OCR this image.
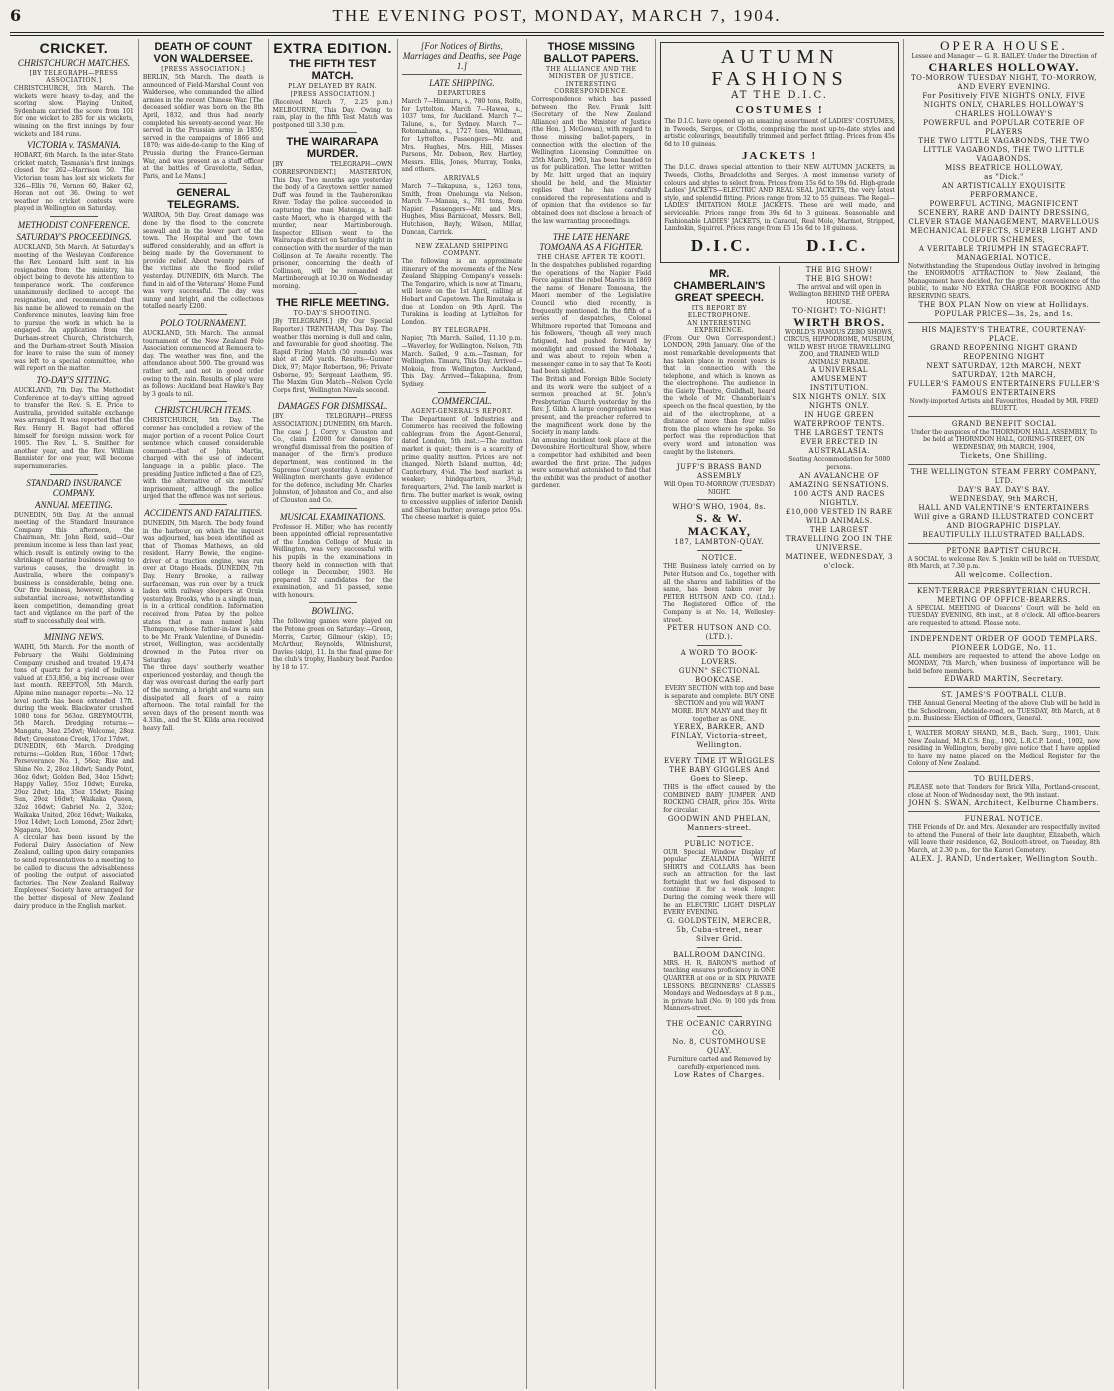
6	THE EVENING POST, MONDAY, MARCH 7, 1904.
CRICKET.
CHRISTCHURCH MATCHES.
[BY TELEGRAPH—PRESS ASSOCIATION.]

CHRISTCHURCH, 5th March. The wickets were heavy to-day, and the scoring slow. Playing United, Sydenham carried the score from 101 for one wicket to 285 for six wickets, winning on the first innings by four wickets and 184 runs.

VICTORIA v. TASMANIA.

HOBART, 6th March. In the inter-State cricket match, Tasmania's first innings closed for 262—Harrison 50. The Victorian team has lost six wickets for 326—Ellis 76, Vernon 60, Baker 62, Horan not out 36. Owing to wet weather no cricket contests were played in Wellington on Saturday.

METHODIST CONFERENCE.
SATURDAY'S PROCEEDINGS.

AUCKLAND, 5th March. At Saturday's meeting of the Wesleyan Conference the Rev. Leonard Isitt sent in his resignation from the ministry, his object being to devote his attention to temperance work. The conference unanimously declined to accept the resignation, and recommended that his name be allowed to remain on the Conference minutes, leaving him free to pursue the work in which he is engaged. An application from the Durham-street Church, Christchurch, and the Durham-street South Mission for leave to raise the sum of money was left to a special committee, who will report on the matter.

TO-DAY'S SITTING.

AUCKLAND, 7th Day. The Methodist Conference at to-day's sitting agreed to transfer the Rev. S. E. Price to Australia, provided suitable exchange was arranged. It was reported that the Rev. Henry H. Bagot had offered himself for foreign mission work for 1905. The Rev. L. S. Smither for another year, and the Rev. William Bannister for one year, will become supernumeraries.

STANDARD INSURANCE COMPANY.
ANNUAL MEETING.

DUNEDIN, 5th Day. At the annual meeting of the Standard Insurance Company this afternoon, the Chairman, Mr. John Reid, said—Our premium income is less than last year, which result is entirely owing to the shrinkage of marine business owing to various causes, the drought in Australia, where the company's business is considerable, being one. Our fire business, however, shows a substantial increase, notwithstanding keen competition, demanding great tact and vigilance on the part of the staff to successfully deal with.

MINING NEWS.

WAIHI, 5th March. For the month of February the Waihi Goldmining Company crushed and treated 19,474 tons of quartz for a yield of bullion valued at £53,856, a big increase over last month. REEFTON, 5th March. Alpine mine manager reports:—No. 12 level north has been extended 17ft. during the week. Blackwater crushed 1080 tons for 563oz. GREYMOUTH, 5th March. Dredging returns:—Mangatu, 34oz 25dwt; Welcome, 28oz 8dwt; Greenstone Creek, 17oz 17dwt.

DUNEDIN, 6th March. Dredging returns:—Golden Run, 160oz 17dwt; Perseverance No. 1, 56oz; Rise and Shine No. 2, 28oz 18dwt; Sandy Point, 36oz 6dwt; Golden Bed, 34oz 15dwt; Happy Valley, 55oz 10dwt; Eureka, 29oz 2dwt; Ida, 35oz 15dwt; Rising Sun, 29oz 16dwt; Waikaka Queen, 32oz 16dwt; Gabriel No. 2, 32oz; Waikaka United, 20oz 16dwt; Waikaka, 19oz 14dwt; Loch Lomond, 25oz 2dwt; Ngapara, 10oz.

A circular has been issued by the Federal Dairy Association of New Zealand, calling upon dairy companies to send representatives to a meeting to be called to discuss the advisableness of pooling the output of associated factories. The New Zealand Railway Employees' Society have arranged for the better disposal of New Zealand dairy produce in the English market.

DEATH OF COUNT VON WALDERSEE.
[PRESS ASSOCIATION.]

BERLIN, 5th March. The death is announced of Field-Marshal Count von Waldersee, who commanded the allied armies in the recent Chinese War. [The deceased soldier was born on the 8th April, 1832, and thus had nearly completed his seventy-second year. He served in the Prussian army in 1850; served in the campaigns of 1866 and 1870; was aide-de-camp to the King of Prussia during the Franco-German War, and was present as a staff officer at the battles of Gravelotte, Sedan, Paris, and Le Mans.]

GENERAL TELEGRAMS.

WAIROA, 5th Day. Great damage was done by the flood to the concrete seawall and in the lower part of the town. The Hospital and the town suffered considerably, and an effort is being made by the Government to provide relief. About twenty pairs of the victims ate the flood relief yesterday. DUNEDIN, 6th March. The fund in aid of the Veterans' Home Fund was very successful. The day was sunny and bright, and the collections totalled nearly £200.

POLO TOURNAMENT.

AUCKLAND, 5th March. The annual tournament of the New Zealand Polo Association commenced at Remuera to-day. The weather was fine, and the attendance about 500. The ground was rather soft, and not in good order owing to the rain. Results of play were as follows: Auckland beat Hawke's Bay by 3 goals to nil.

CHRISTCHURCH ITEMS.

CHRISTCHURCH, 5th Day. The coroner has concluded a review of the major portion of a recent Police Court sentence which caused considerable comment—that of John Martin, charged with the use of indecent language in a public place. The presiding Justice inflicted a fine of £25, with the alternative of six months' imprisonment, although the police urged that the offence was not serious.

ACCIDENTS AND FATALITIES.

DUNEDIN, 5th March. The body found in the harbour, on which the inquest was adjourned, has been identified as that of Thomas Mathews, an old resident. Harry Bowie, the engine-driver of a traction engine, was run over at Otago Heads. DUNEDIN, 7th Day. Henry Brooke, a railway surfaceman, was run over by a truck laden with railway sleepers at Oruia yesterday. Brooks, who is a single man, is in a critical condition. Information received from Patea by the police states that a man named John Thompson, whose father-in-law is said to be Mr. Frank Valentine, of Dunedin-street, Wellington, was accidentally drowned in the Patea river on Saturday.

The three days' southerly weather experienced yesterday, and though the day was overcast during the early part of the morning, a bright and warm sun dissipated all fears of a rainy afternoon. The total rainfall for the seven days of the present month was 4.33in., and the St. Kilda area received heavy fall.

EXTRA EDITION.
THE FIFTH TEST MATCH.
PLAY DELAYED BY RAIN.
[PRESS ASSOCIATION.]

(Received March 7, 2.25 p.m.) MELBOURNE, This Day. Owing to rain, play in the fifth Test Match was postponed till 3.30 p.m.

THE WAIRARAPA MURDER.

[BY TELEGRAPH—OWN CORRESPONDENT.] MASTERTON, This Day. Two months ago yesterday the body of a Greytown settler named Duff was found in the Tauherenikau River. Today the police succeeded in capturing the man Matenga, a half-caste Maori, who is charged with the murder, near Martinborough. Inspector Ellison went to the Wairarapa district on Saturday night in connection with the murder of the man Collinson at Te Awaite recently. The prisoner, concerning the death of Collinson, will be remanded at Martinborough at 10.30 on Wednesday morning.

THE RIFLE MEETING.
TO-DAY'S SHOOTING.

[By TELEGRAPH.] (By Our Special Reporter.) TRENTHAM, This Day. The weather this morning is dull and calm, and favourable for good shooting. The Rapid Firing Match (50 rounds) was shot at 200 yards. Results—Gunner Dick, 97; Major Robertson, 96; Private Osborne, 95; Sergeant Leathem, 95. The Maxim Gun Match—Nelson Cycle Corps first, Wellington Navals second.

DAMAGES FOR DISMISSAL.

[BY TELEGRAPH—PRESS ASSOCIATION.] DUNEDIN, 6th March. The case J. J. Corry v. Clouston and Co., claim £2000 for damages for wrongful dismissal from the position of manager of the firm's produce department, was continued in the Supreme Court yesterday. A number of Wellington merchants gave evidence for the defence, including Mr. Charles Johnston, of Johnston and Co., and also of Clouston and Co.

MUSICAL EXAMINATIONS.

Professor H. Miller, who has recently been appointed official representative of the London College of Music in Wellington, was very successful with his pupils in the examinations in theory held in connection with that college in December, 1903. He prepared 52 candidates for the examination, and 51 passed, some with honours.

BOWLING.

The following games were played on the Petone green on Saturday:—Green, Morris, Carter, Gilmour (skip), 15; McArthur, Reynolds, Wilmshurst, Davies (skip), 11. In the final game for the club's trophy, Hanbury beat Pardoe by 18 to 17.

[For Notices of Births, Marriages and Deaths, see Page 1.]
LATE SHIPPING.
DEPARTURES

March 7—Himauru, s., 780 tons, Rolfe, for Lyttelton. March 7—Hawea, s., 1037 tons, for Auckland. March 7—Talune, s., for Sydney. March 7—Rotomahana, s., 1727 tons, Wildman, for Lyttelton. Passengers—Mr. and Mrs. Hughes, Mrs. Hill, Misses Parsons, Mr. Dobson, Rev. Hartley, Messrs. Ellis, Jones, Murray, Tonks, and others.

ARRIVALS

March 7—Takapuna, s., 1263 tons, Smith, from Onehunga via Nelson. March 7—Manaia, s., 781 tons, from Napier. Passengers—Mr. and Mrs. Hughes, Miss Barnicoat, Messrs. Bell, Hutchison, Bayly, Wilson, Millar, Duncan, Carrick.

NEW ZEALAND SHIPPING COMPANY.

The following is an approximate itinerary of the movements of the New Zealand Shipping Company's vessels: The Tongariro, which is now at Timaru, will leave on the 1st April, calling at Hobart and Capetown. The Rimutaka is due at London on 9th April. The Turakina is loading at Lyttelton for London.

BY TELEGRAPH.

Napier, 7th March. Sailed, 11.10 p.m.—Waverley, for Wellington. Nelson, 7th March. Sailed, 9 a.m.—Tasman, for Wellington. Timaru, This Day. Arrived—Mokoia, from Wellington. Auckland, This Day. Arrived—Takapuna, from Sydney.

COMMERCIAL.
AGENT-GENERAL'S REPORT.

The Department of Industries and Commerce has received the following cablegram from the Agent-General, dated London, 5th inst.:—The mutton market is quiet; there is a scarcity of prime quality mutton. Prices are not changed. North Island mutton, 4d; Canterbury, 4¼d. The beef market is weaker; hindquarters, 3¾d; forequarters, 2¾d. The lamb market is firm. The butter market is weak, owing to excessive supplies of inferior Danish and Siberian butter; average price 95s. The cheese market is quiet.

THOSE MISSING BALLOT PAPERS.
THE ALLIANCE AND THE MINISTER OF JUSTICE.
INTERESTING CORRESPONDENCE.

Correspondence which has passed between the Rev. Frank Isitt (Secretary of the New Zealand Alliance) and the Minister of Justice (the Hon. J. McGowan), with regard to those missing ballot-papers, in connection with the election of the Wellington Licensing Committee on 25th March, 1903, has been handed to us for publication. The letter written by Mr. Isitt urged that an inquiry should be held, and the Minister replies that he has carefully considered the representations and is of opinion that the evidence so far obtained does not disclose a breach of the law warranting proceedings.

THE LATE HENARE TOMOANA AS A FIGHTER.
THE CHASE AFTER TE KOOTI.

In the despatches published regarding the operations of the Napier Field Force against the rebel Maoris in 1869 the name of Henare Tomoana, the Maori member of the Legislative Council who died recently, is frequently mentioned. In the fifth of a series of despatches, Colonel Whitmore reported that Tomoana and his followers, 'though all very much fatigued, had pushed forward by moonlight and crossed the Mohaka,' and was about to rejoin when a messenger came in to say that Te Kooti had been sighted.

The British and Foreign Bible Society and its work were the subject of a sermon preached at St. John's Presbyterian Church yesterday by the Rev. J. Gibb. A large congregation was present, and the preacher referred to the magnificent work done by the Society in many lands.

An amusing incident took place at the Devonshire Horticultural Show, where a competitor had exhibited and been awarded the first prize. The judges were somewhat astonished to find that the exhibit was the product of another gardener.

AUTUMN FASHIONS
AT THE D.I.C.
COSTUMES !

The D.I.C. have opened up an amazing assortment of LADIES' COSTUMES, in Tweeds, Serges, or Cloths, comprising the most up-to-date styles and artistic colourings, beautifully trimmed and perfect fitting. Prices from 45s 6d to 10 guineas.

JACKETS !

The D.I.C. draws special attention to their NEW AUTUMN JACKETS, in Tweeds, Cloths, Broadcloths and Serges. A most immense variety of colours and styles to select from. Prices from 15s 6d to 59s 6d. High-grade Ladies' JACKETS—ELECTRIC AND REAL SEAL JACKETS, the very latest style, and splendid fitting. Prices range from 32 to 55 guineas. The Regal—LADIES' IMITATION MOLE JACKETS. These are well made, and serviceable. Prices range from 39s 6d to 3 guineas. Seasonable and Fashionable LADIES' JACKETS, in Caracul, Real Mole, Marmot, Stripped, Lambskin, Squirrel. Prices range from £5 15s 6d to 18 guineas.

D.I.C.	D.I.C.
MR. CHAMBERLAIN'S GREAT SPEECH.
ITS REPORT BY ELECTROPHONE.
AN INTERESTING EXPERIENCE.

(From Our Own Correspondent.) LONDON, 29th January. One of the most remarkable developments that has taken place in recent years is that in connection with the telephone, and which is known as the electrophone. The audience in the Gaiety Theatre, Guildhall, heard the whole of Mr. Chamberlain's speech on the fiscal question, by the aid of the electrophone, at a distance of more than four miles from the place where he spoke. So perfect was the reproduction that every word and intonation was caught by the listeners.

JUFF'S BRASS BAND ASSEMBLY

Will Open TO-MORROW (TUESDAY) NIGHT.

WHO'S WHO, 1904, 8s.
S. & W. MACKAY,
187, LAMBTON-QUAY.
NOTICE.

THE Business lately carried on by Peter Hutson and Co., together with all the shares and liabilities of the same, has been taken over by PETER HUTSON AND CO. (Ltd.). The Registered Office of the Company is at No. 14, Wellesley-street.

PETER HUTSON AND CO. (LTD.).
A WORD TO BOOK-LOVERS.
GUNN" SECTIONAL BOOKCASE.

EVERY SECTION with top and base is separate and complete. BUY ONE SECTION and you will WANT MORE. BUY MANY and they fit together as ONE.

YEREX, BARKER, AND FINLAY, Victoria-street, Wellington.
EVERY TIME IT WRIGGLES THE BABY GIGGLES And Goes to Sleep.

THIS is the effect caused by the COMBINED BABY JUMPER AND ROCKING CHAIR, price 35s. Write for circular.

GOODWIN AND PHELAN, Manners-street.
PUBLIC NOTICE.

OUR Special Window Display of popular ZEALANDIA WHITE SHIRTS and COLLARS has been such an attraction for the last fortnight that we feel disposed to continue it for a week longer. During the coming week there will be an ELECTRIC LIGHT DISPLAY EVERY EVENING.

G. GOLDSTEIN, MERCER, 5b, Cuba-street, near Silver Grid.
BALLROOM DANCING.

MRS. H. R. BARON'S method of teaching ensures proficiency in ONE QUARTER at one or in SIX PRIVATE LESSONS. BEGINNERS' CLASSES Mondays and Wednesdays at 8 p.m., in private hall (No. 9) 100 yds from Manners-street.

THE OCEANIC CARRYING CO.
No. 8, CUSTOMHOUSE QUAY.

Furniture carted and Removed by carefully-experienced men.

Low Rates of Charges.
THE BIG SHOW!
THE BIG SHOW!

The arrival and will open in Wellington BEHIND THE OPERA HOUSE.

TO-NIGHT! TO-NIGHT!
WIRTH BROS.

WORLD'S FAMOUS ZERO SHOWS, CIRCUS, HIPPODROME, MUSEUM, WILD WEST HUGE TRAVELLING ZOO, and TRAINED WILD ANIMALS' PARADE.

A UNIVERSAL AMUSEMENT INSTITUTION.
SIX NIGHTS ONLY. SIX NIGHTS ONLY.
IN HUGE GREEN WATERPROOF TENTS.
THE LARGEST TENTS EVER ERECTED IN AUSTRALASIA.

Seating Accommodation for 5000 persons.

AN AVALANCHE OF AMAZING SENSATIONS.
100 ACTS AND RACES NIGHTLY.
£10,000 VESTED IN RARE WILD ANIMALS.
THE LARGEST TRAVELLING ZOO IN THE UNIVERSE.
MATINEE, WEDNESDAY, 3 o'clock.
OPERA HOUSE.

Lessee and Manager — G. R. BAILEY. Under the Direction of

CHARLES HOLLOWAY.
TO-MORROW TUESDAY NIGHT, TO-MORROW, AND EVERY EVENING.
For Positively FIVE NIGHTS ONLY, FIVE NIGHTS ONLY, CHARLES HOLLOWAY'S CHARLES HOLLOWAY'S
POWERFUL and POPULAR COTERIE OF PLAYERS
THE TWO LITTLE VAGABONDS, THE TWO LITTLE VAGABONDS, THE TWO LITTLE VAGABONDS.
MISS BEATRICE HOLLOWAY,
as "Dick."
AN ARTISTICALLY EXQUISITE PERFORMANCE.
POWERFUL ACTING, MAGNIFICENT SCENERY, RARE AND DAINTY DRESSING, CLEVER STAGE MANAGEMENT, MARVELLOUS MECHANICAL EFFECTS, SUPERB LIGHT AND COLOUR SCHEMES,
A VERITABLE TRIUMPH IN STAGECRAFT.
MANAGERIAL NOTICE.

Notwithstanding the Stupendous Outlay involved in bringing the ENORMOUS ATTRACTION to New Zealand, the Management have decided, for the greater convenience of the public, to make NO EXTRA CHARGE FOR BOOKING AND RESERVING SEATS.

THE BOX PLAN Now on view at Hollidays.
POPULAR PRICES—3s, 2s, and 1s.
HIS MAJESTY'S THEATRE, COURTENAY-PLACE.
GRAND REOPENING NIGHT GRAND REOPENING NIGHT
NEXT SATURDAY, 12th MARCH, NEXT SATURDAY, 12th MARCH,
FULLER'S FAMOUS ENTERTAINERS FULLER'S FAMOUS ENTERTAINERS

Newly-imported Artists and Favourites, Headed by MR. FRED BLUETT.

GRAND BENEFIT SOCIAL

Under the auspices of the THORNDON HALL ASSEMBLY, To be held at THORNDON HALL, GORING-STREET, ON WEDNESDAY, 9th MARCH, 1904,

Tickets, One Shilling.
THE WELLINGTON STEAM FERRY COMPANY, LTD.
DAY'S BAY. DAY'S BAY.
WEDNESDAY, 9th MARCH,
HALL AND VALENTINE'S ENTERTAINERS
Will give a GRAND ILLUSTRATED CONCERT
AND BIOGRAPHIC DISPLAY.
BEAUTIFULLY ILLUSTRATED BALLADS.
PETONE BAPTIST CHURCH.

A SOCIAL to welcome Rev. S. Jenkin will be held on TUESDAY, 8th March, at 7.30 p.m.

All welcome. Collection.
KENT-TERRACE PRESBYTERIAN CHURCH.
MEETING OF OFFICE-BEARERS.

A SPECIAL MEETING of Deacons' Court will be held on TUESDAY EVENING, 8th inst., at 8 o'clock. All office-bearers are requested to attend. Please note.

INDEPENDENT ORDER OF GOOD TEMPLARS.
PIONEER LODGE, No. 11.

ALL members are requested to attend the above Lodge on MONDAY, 7th March, when business of importance will be held before members.

EDWARD MARTIN, Secretary.
ST. JAMES'S FOOTBALL CLUB.

THE Annual General Meeting of the above Club will be held in the Schoolroom, Adelaide-road, on TUESDAY, 8th March, at 8 p.m. Business: Election of Officers, General.

I, WALTER MORAY SHAND, M.B., Bach. Surg., 1901, Univ. New Zealand, M.R.C.S. Eng., 1902, L.R.C.P. Lond., 1902, now residing in Wellington, hereby give notice that I have applied to have my name placed on the Medical Register for the Colony of New Zealand.

TO BUILDERS.

PLEASE note that Tenders for Brick Villa, Portland-crescent, close at Noon of Wednesday next, the 9th instant.

JOHN S. SWAN, Architect, Kelburne Chambers.
FUNERAL NOTICE.

THE Friends of Dr. and Mrs. Alexander are respectfully invited to attend the Funeral of their late daughter, Elizabeth, which will leave their residence, 62, Boulcott-street, on Tuesday, 8th March, at 2.30 p.m., for the Karori Cemetery.

ALEX. J. RAND, Undertaker, Wellington South.
